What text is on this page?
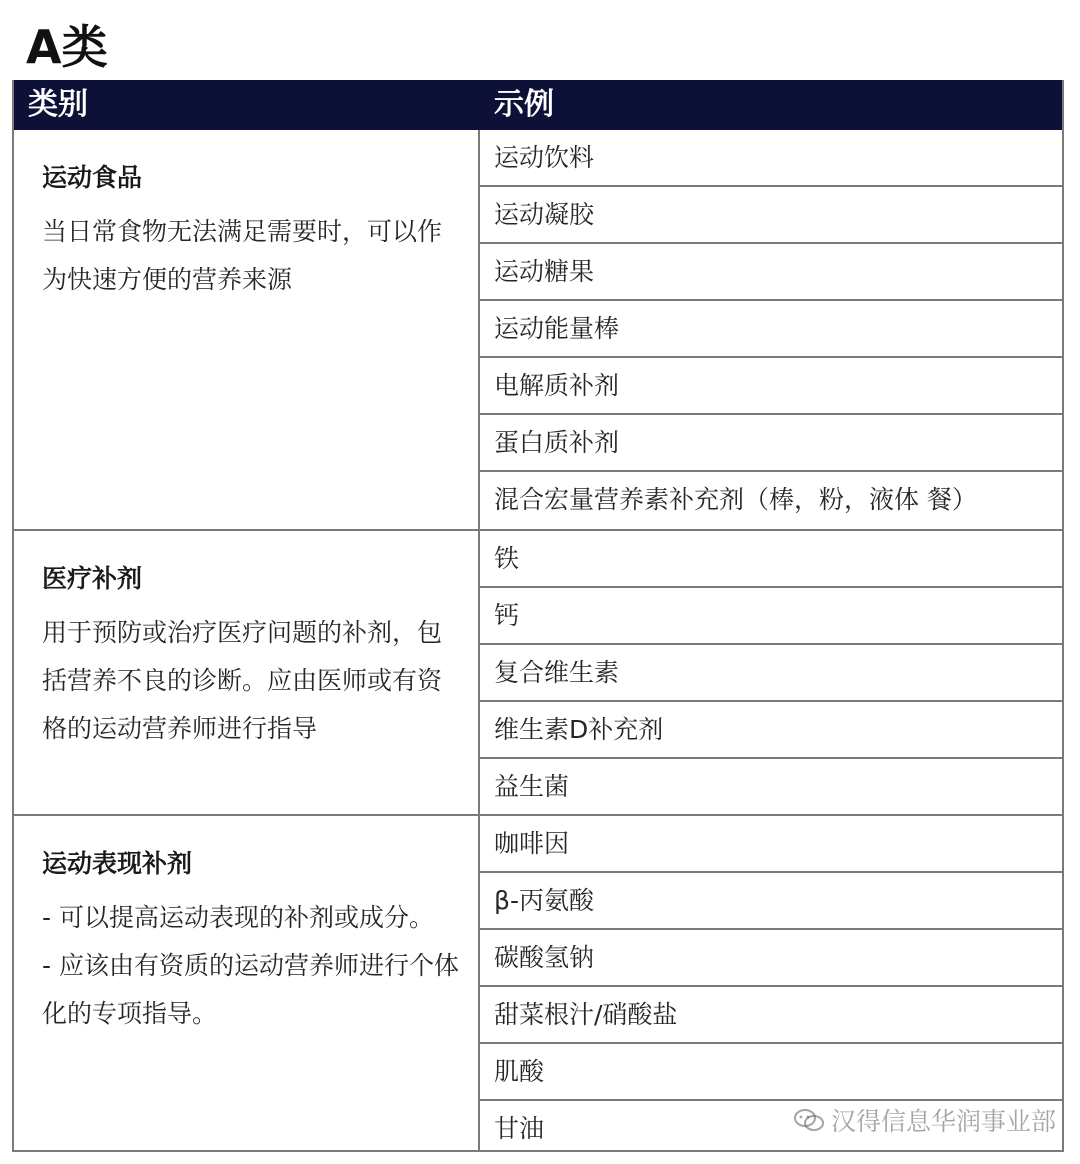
A类
类别	示例
运动食品
当日常食物无法满足需要时，可以作为快速方便的营养来源
运动饮料
运动凝胶
运动糖果
运动能量棒
电解质补剂
蛋白质补剂
混合宏量营养素补充剂（棒，粉，液体 餐）
医疗补剂
用于预防或治疗医疗问题的补剂，包括营养不良的诊断。应由医师或有资格的运动营养师进行指导
铁
钙
复合维生素
维生素D补充剂
益生菌
运动表现补剂
- 可以提高运动表现的补剂或成分。
- 应该由有资质的运动营养师进行个体化的专项指导。
咖啡因
β-丙氨酸
碳酸氢钠
甜菜根汁/硝酸盐
肌酸
甘油	汉得信息华润事业部
